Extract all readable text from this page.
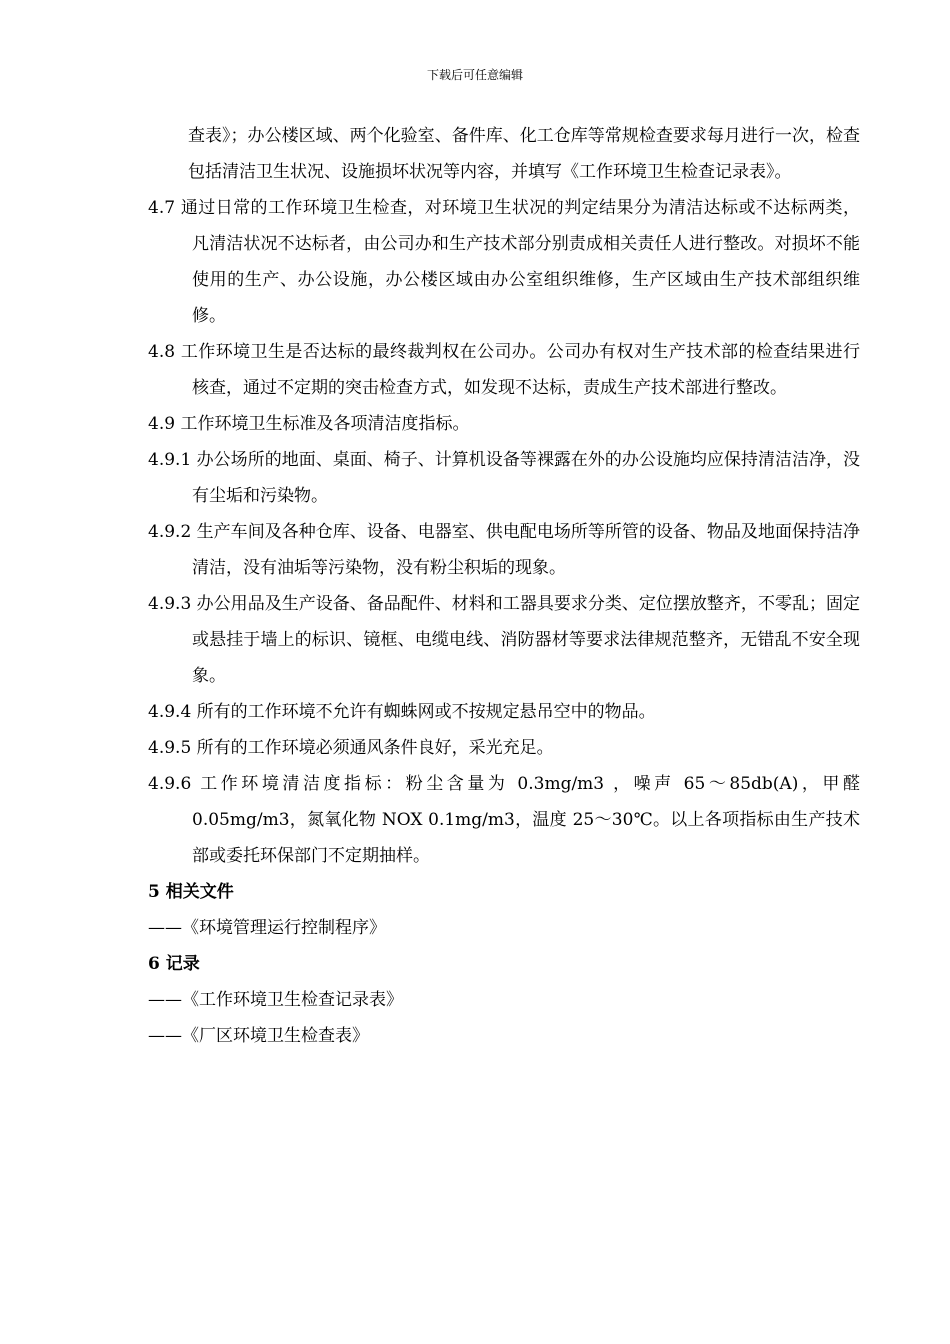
下载后可任意编辑

查表》；办公楼区域、两个化验室、备件库、化工仓库等常规检查要求每月进行一次，检查包括清洁卫生状况、设施损坏状况等内容，并填写《工作环境卫生检查记录表》。

4.7 通过日常的工作环境卫生检查，对环境卫生状况的判定结果分为清洁达标或不达标两类，凡清洁状况不达标者，由公司办和生产技术部分别责成相关责任人进行整改。对损坏不能使用的生产、办公设施，办公楼区域由办公室组织维修，生产区域由生产技术部组织维修。

4.8 工作环境卫生是否达标的最终裁判权在公司办。公司办有权对生产技术部的检查结果进行核查，通过不定期的突击检查方式，如发现不达标，责成生产技术部进行整改。

4.9 工作环境卫生标准及各项清洁度指标。

4.9.1 办公场所的地面、桌面、椅子、计算机设备等裸露在外的办公设施均应保持清洁洁净，没有尘垢和污染物。

4.9.2 生产车间及各种仓库、设备、电器室、供电配电场所等所管的设备、物品及地面保持洁净清洁，没有油垢等污染物，没有粉尘积垢的现象。

4.9.3 办公用品及生产设备、备品配件、材料和工器具要求分类、定位摆放整齐，不零乱；固定或悬挂于墙上的标识、镜框、电缆电线、消防器材等要求法律规范整齐，无错乱不安全现象。

4.9.4 所有的工作环境不允许有蜘蛛网或不按规定悬吊空中的物品。

4.9.5 所有的工作环境必须通风条件良好，采光充足。

4.9.6 工作环境清洁度指标：粉尘含量为 0.3mg/m3 ，噪声 65～85db(A)，甲醛 0.05mg/m3，氮氧化物 NOX 0.1mg/m3，温度 25～30℃。以上各项指标由生产技术部或委托环保部门不定期抽样。

5 相关文件

——《环境管理运行控制程序》

6 记录

——《工作环境卫生检查记录表》

——《厂区环境卫生检查表》
